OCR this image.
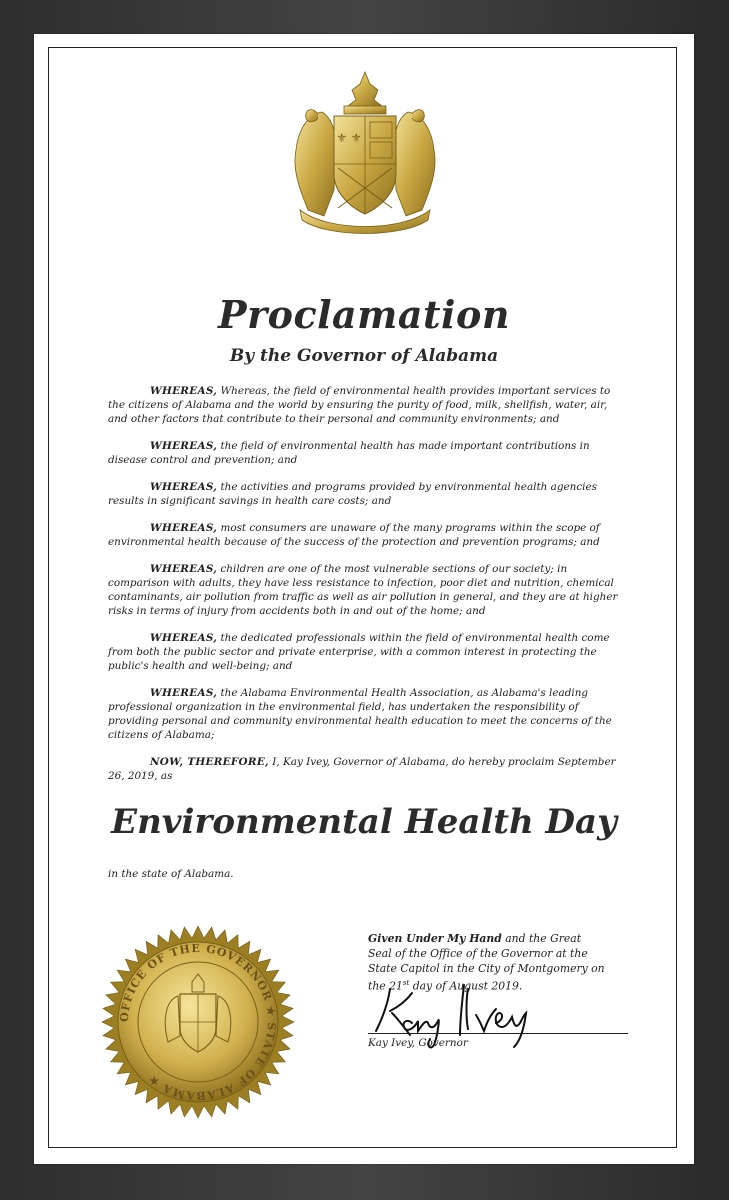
⚜ ⚜
Proclamation
By the Governor of Alabama

WHEREAS, Whereas, the field of environmental health provides important services to the citizens of Alabama and the world by ensuring the purity of food, milk, shellfish, water, air, and other factors that contribute to their personal and community environments; and

WHEREAS, the field of environmental health has made important contributions in disease control and prevention; and

WHEREAS, the activities and programs provided by environmental health agencies results in significant savings in health care costs; and

WHEREAS, most consumers are unaware of the many programs within the scope of environmental health because of the success of the protection and prevention programs; and

WHEREAS, children are one of the most vulnerable sections of our society; in comparison with adults, they have less resistance to infection, poor diet and nutrition, chemical contaminants, air pollution from traffic as well as air pollution in general, and they are at higher risks in terms of injury from accidents both in and out of the home; and

WHEREAS, the dedicated professionals within the field of environmental health come from both the public sector and private enterprise, with a common interest in protecting the public's health and well-being; and

WHEREAS, the Alabama Environmental Health Association, as Alabama's leading professional organization in the environmental field, has undertaken the responsibility of providing personal and community environmental health education to meet the concerns of the citizens of Alabama;

NOW, THEREFORE, I, Kay Ivey, Governor of Alabama, do hereby proclaim September 26, 2019, as

Environmental Health Day
in the state of Alabama.
OFFICE OF THE GOVERNOR ★ STATE OF ALABAMA ★
Given Under My Hand and the Great Seal of the Office of the Governor at the State Capitol in the City of Montgomery on the 21st day of August 2019.
Kay Ivey, Governor
